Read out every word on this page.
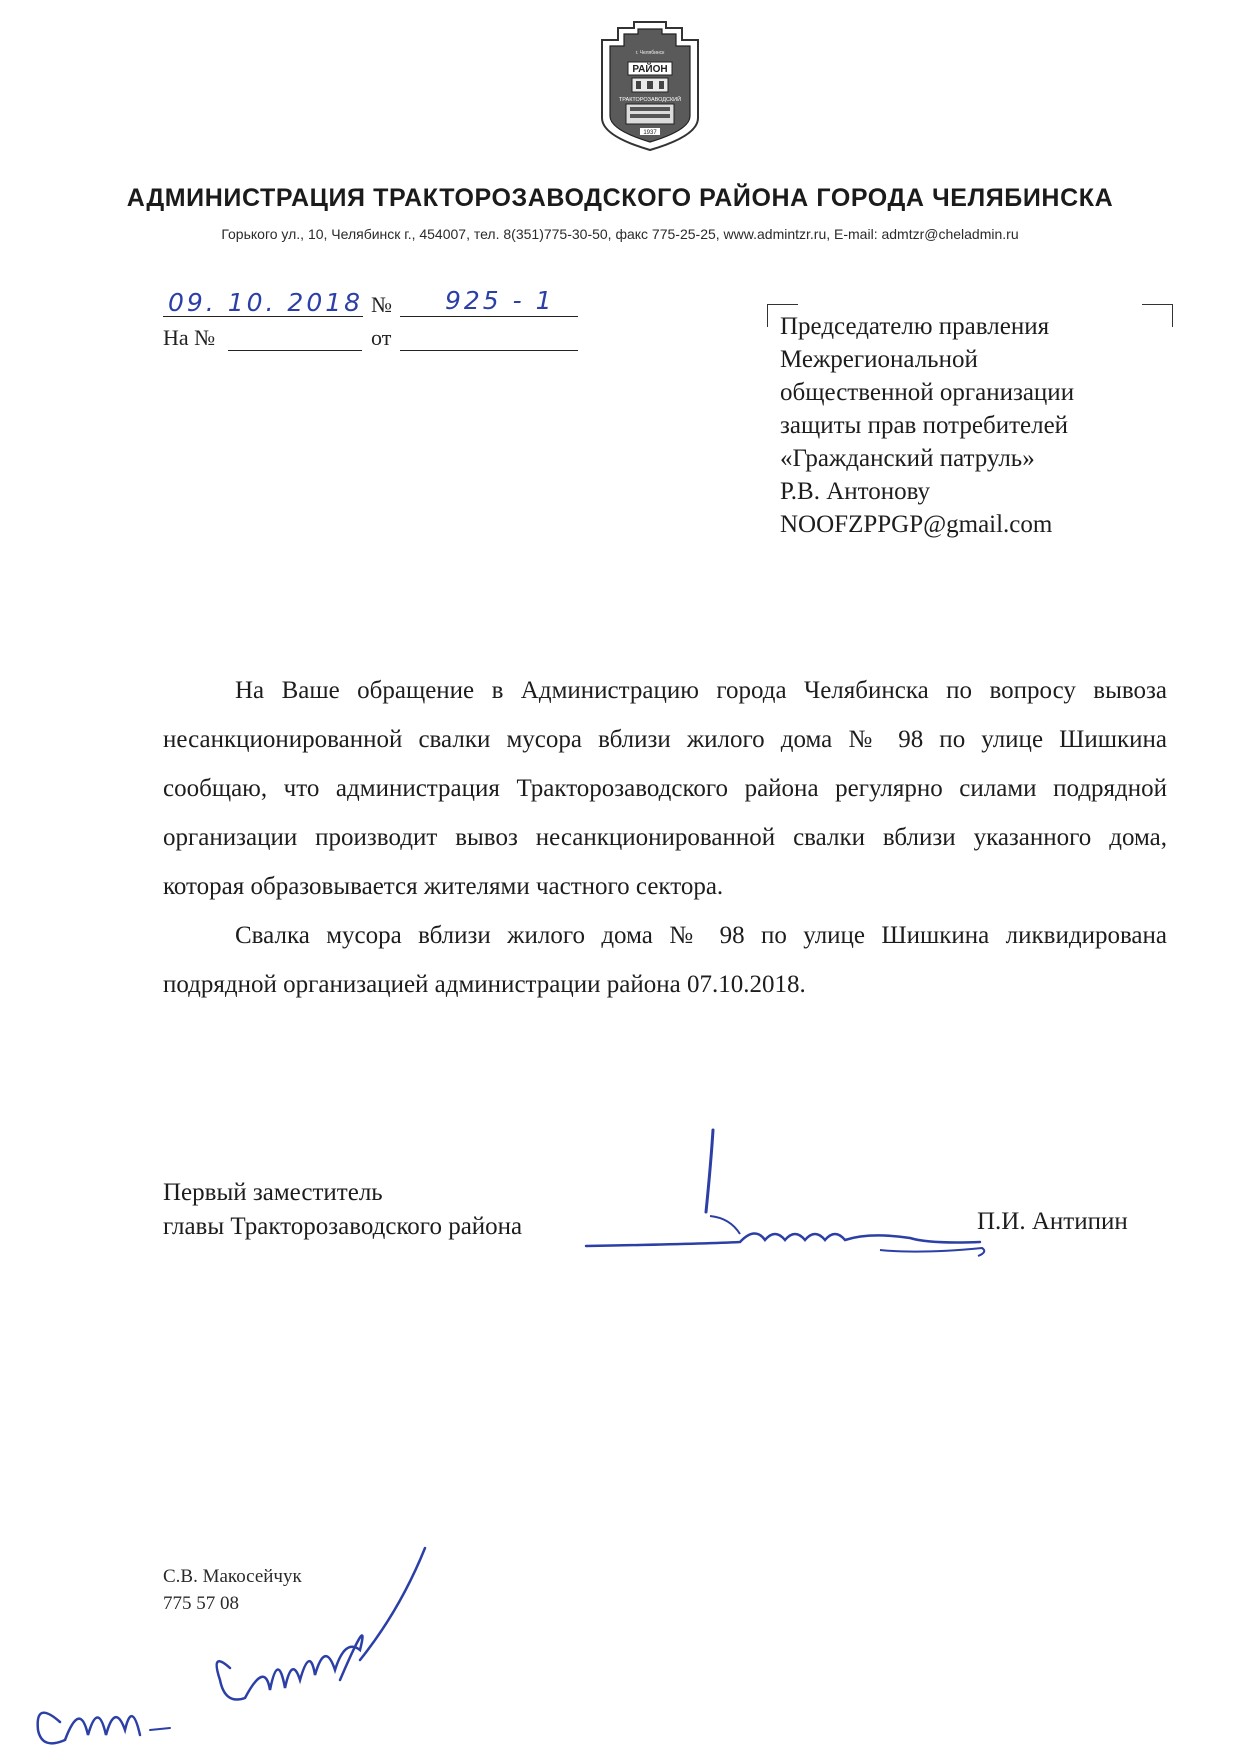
РАЙОН
г. Челябинск
ТРАКТОРОЗАВОДСКИЙ
1937
АДМИНИСТРАЦИЯ ТРАКТОРОЗАВОДСКОГО РАЙОНА ГОРОДА ЧЕЛЯБИНСКА
Горького ул., 10, Челябинск г., 454007, тел. 8(351)775-30-50, факс 775-25-25, www.admintzr.ru, E-mail: admtzr@cheladmin.ru
09. 10. 2018 № 925 - 1
На №	от	Председателю правления
Межрегиональной
общественной организации
защиты прав потребителей
«Гражданский патруль»
Р.В. Антонову
NOOFZPPGP@gmail.com

На Ваше обращение в Администрацию города Челябинска по вопросу вывоза несанкционированной свалки мусора вблизи жилого дома № 98 по улице Шишкина сообщаю, что администрация Тракторозаводского района регулярно силами подрядной организации производит вывоз несанкционированной свалки вблизи указанного дома, которая образовывается жителями частного сектора.

Свалка мусора вблизи жилого дома № 98 по улице Шишкина ликвидирована подрядной организацией администрации района 07.10.2018.

Первый заместитель
главы Тракторозаводского района	П.И. Антипин
С.В. Макосейчук
775 57 08
